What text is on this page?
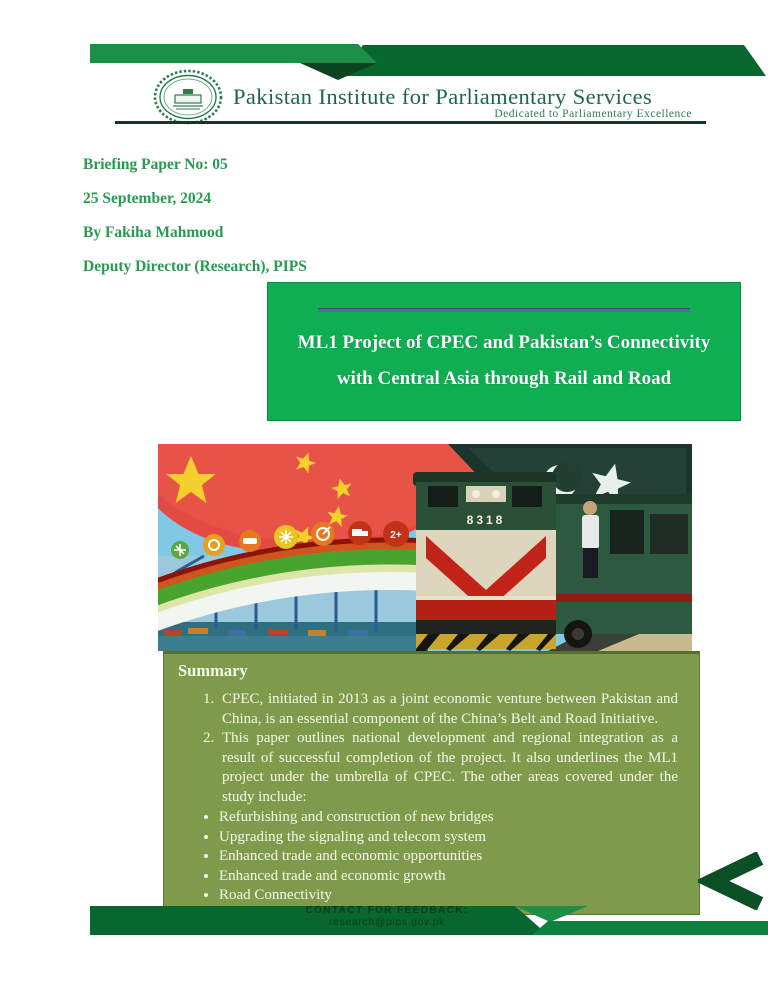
Pakistan Institute for Parliamentary Services
Dedicated to Parliamentary Excellence
Briefing Paper No: 05
25 September, 2024
By Fakiha Mahmood
Deputy Director (Research), PIPS
ML1 Project of CPEC and Pakistan’s Connectivity
with Central Asia through Rail and Road
2+
8318
Summary
1. CPEC, initiated in 2013 as a joint economic venture between Pakistan and China, is an essential component of the China’s Belt and Road Initiative.
2. This paper outlines national development and regional integration as a result of successful completion of the project. It also underlines the ML1 project under the umbrella of CPEC. The other areas covered under the study include:
• Refurbishing and construction of new bridges
• Upgrading the signaling and telecom system
• Enhanced trade and economic opportunities
• Enhanced trade and economic growth
• Road Connectivity
CONTACT FOR FEEDBACK:
research@pips.gov.pk
